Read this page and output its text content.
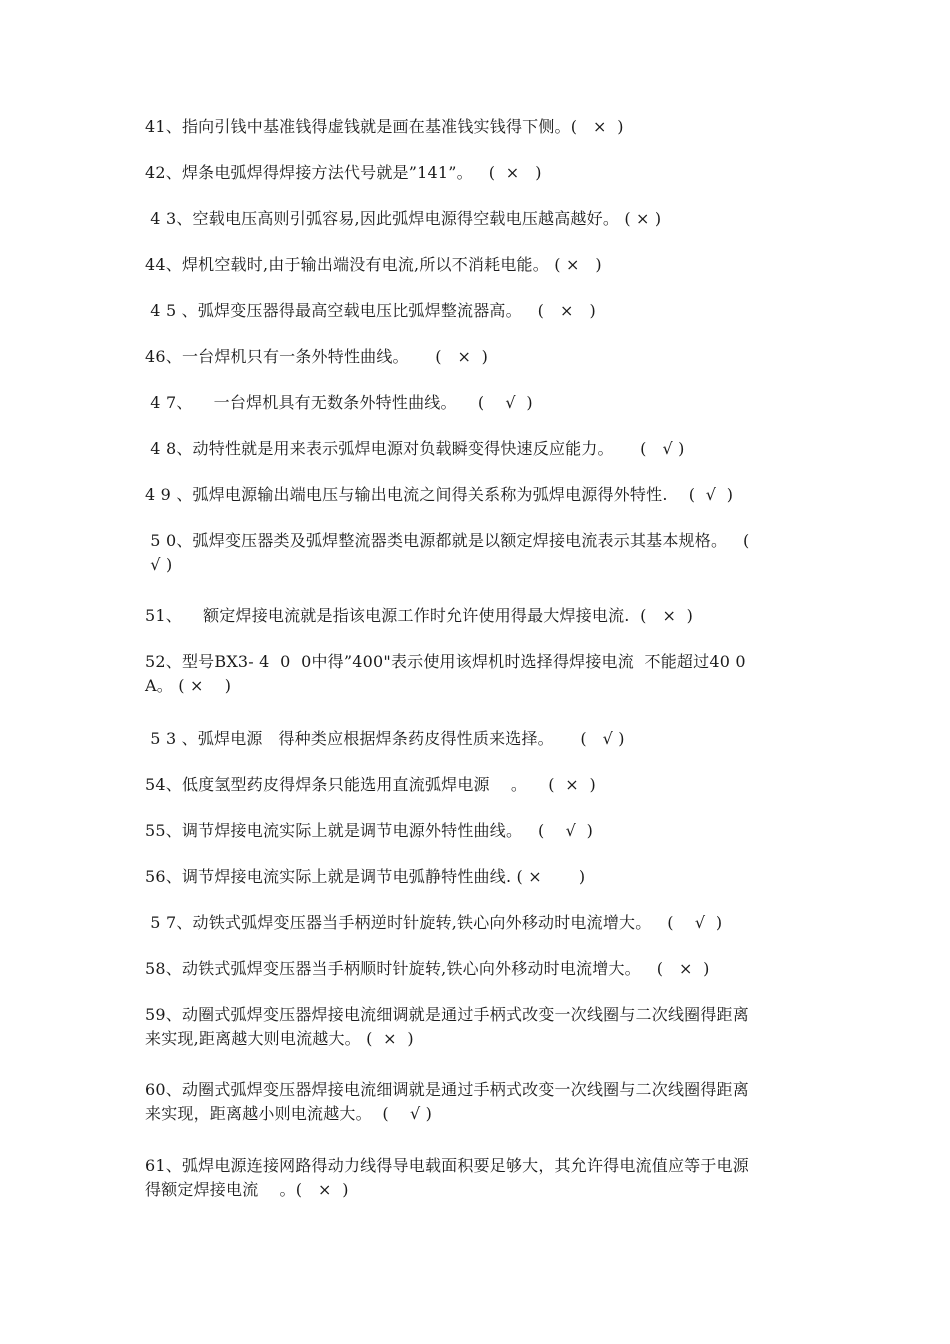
41、指向引钱中基准钱得虚钱就是画在基准钱实钱得下侧。(   ×  )
42、焊条电弧焊得焊接方法代号就是”141”。   (  ×   )
4 3、空载电压高则引弧容易,因此弧焊电源得空载电压越高越好。 ( × )
44、焊机空载时,由于输出端没有电流,所以不消耗电能。 ( ×   )
4 5 、弧焊变压器得最高空载电压比弧焊整流器高。   (   ×   )
46、一台焊机只有一条外特性曲线。     (   ×  )
4 7、    一台焊机具有无数条外特性曲线。    (    √  )
4 8、动特性就是用来表示弧焊电源对负载瞬变得快速反应能力。     (   √ )
4 9 、弧焊电源输出端电压与输出电流之间得关系称为弧焊电源得外特性.    (  √  )
5 0、弧焊变压器类及弧焊整流器类电源都就是以额定焊接电流表示其基本规格。   (
√ )
51、    额定焊接电流就是指该电源工作时允许使用得最大焊接电流.  (   ×  )
52、型号BX3- 4  0  0中得”400"表示使用该焊机时选择得焊接电流  不能超过40 0
A。 ( ×    )
5 3 、弧焊电源   得种类应根据焊条药皮得性质来选择。     (   √ )
54、低度氢型药皮得焊条只能选用直流弧焊电源    。    (  ×  )
55、调节焊接电流实际上就是调节电源外特性曲线。   (    √  )
56、调节焊接电流实际上就是调节电弧静特性曲线. ( ×       )
5 7、动铁式弧焊变压器当手柄逆时针旋转,铁心向外移动时电流增大。   (    √  )
58、动铁式弧焊变压器当手柄顺时针旋转,铁心向外移动时电流增大。   (   ×  )
59、动圈式弧焊变压器焊接电流细调就是通过手柄式改变一次线圈与二次线圈得距离
来实现,距离越大则电流越大。 (  ×  )
60、动圈式弧焊变压器焊接电流细调就是通过手柄式改变一次线圈与二次线圈得距离
来实现，距离越小则电流越大。  (    √ )
61、弧焊电源连接网路得动力线得导电载面积要足够大，其允许得电流值应等于电源
得额定焊接电流    。(   ×  )
